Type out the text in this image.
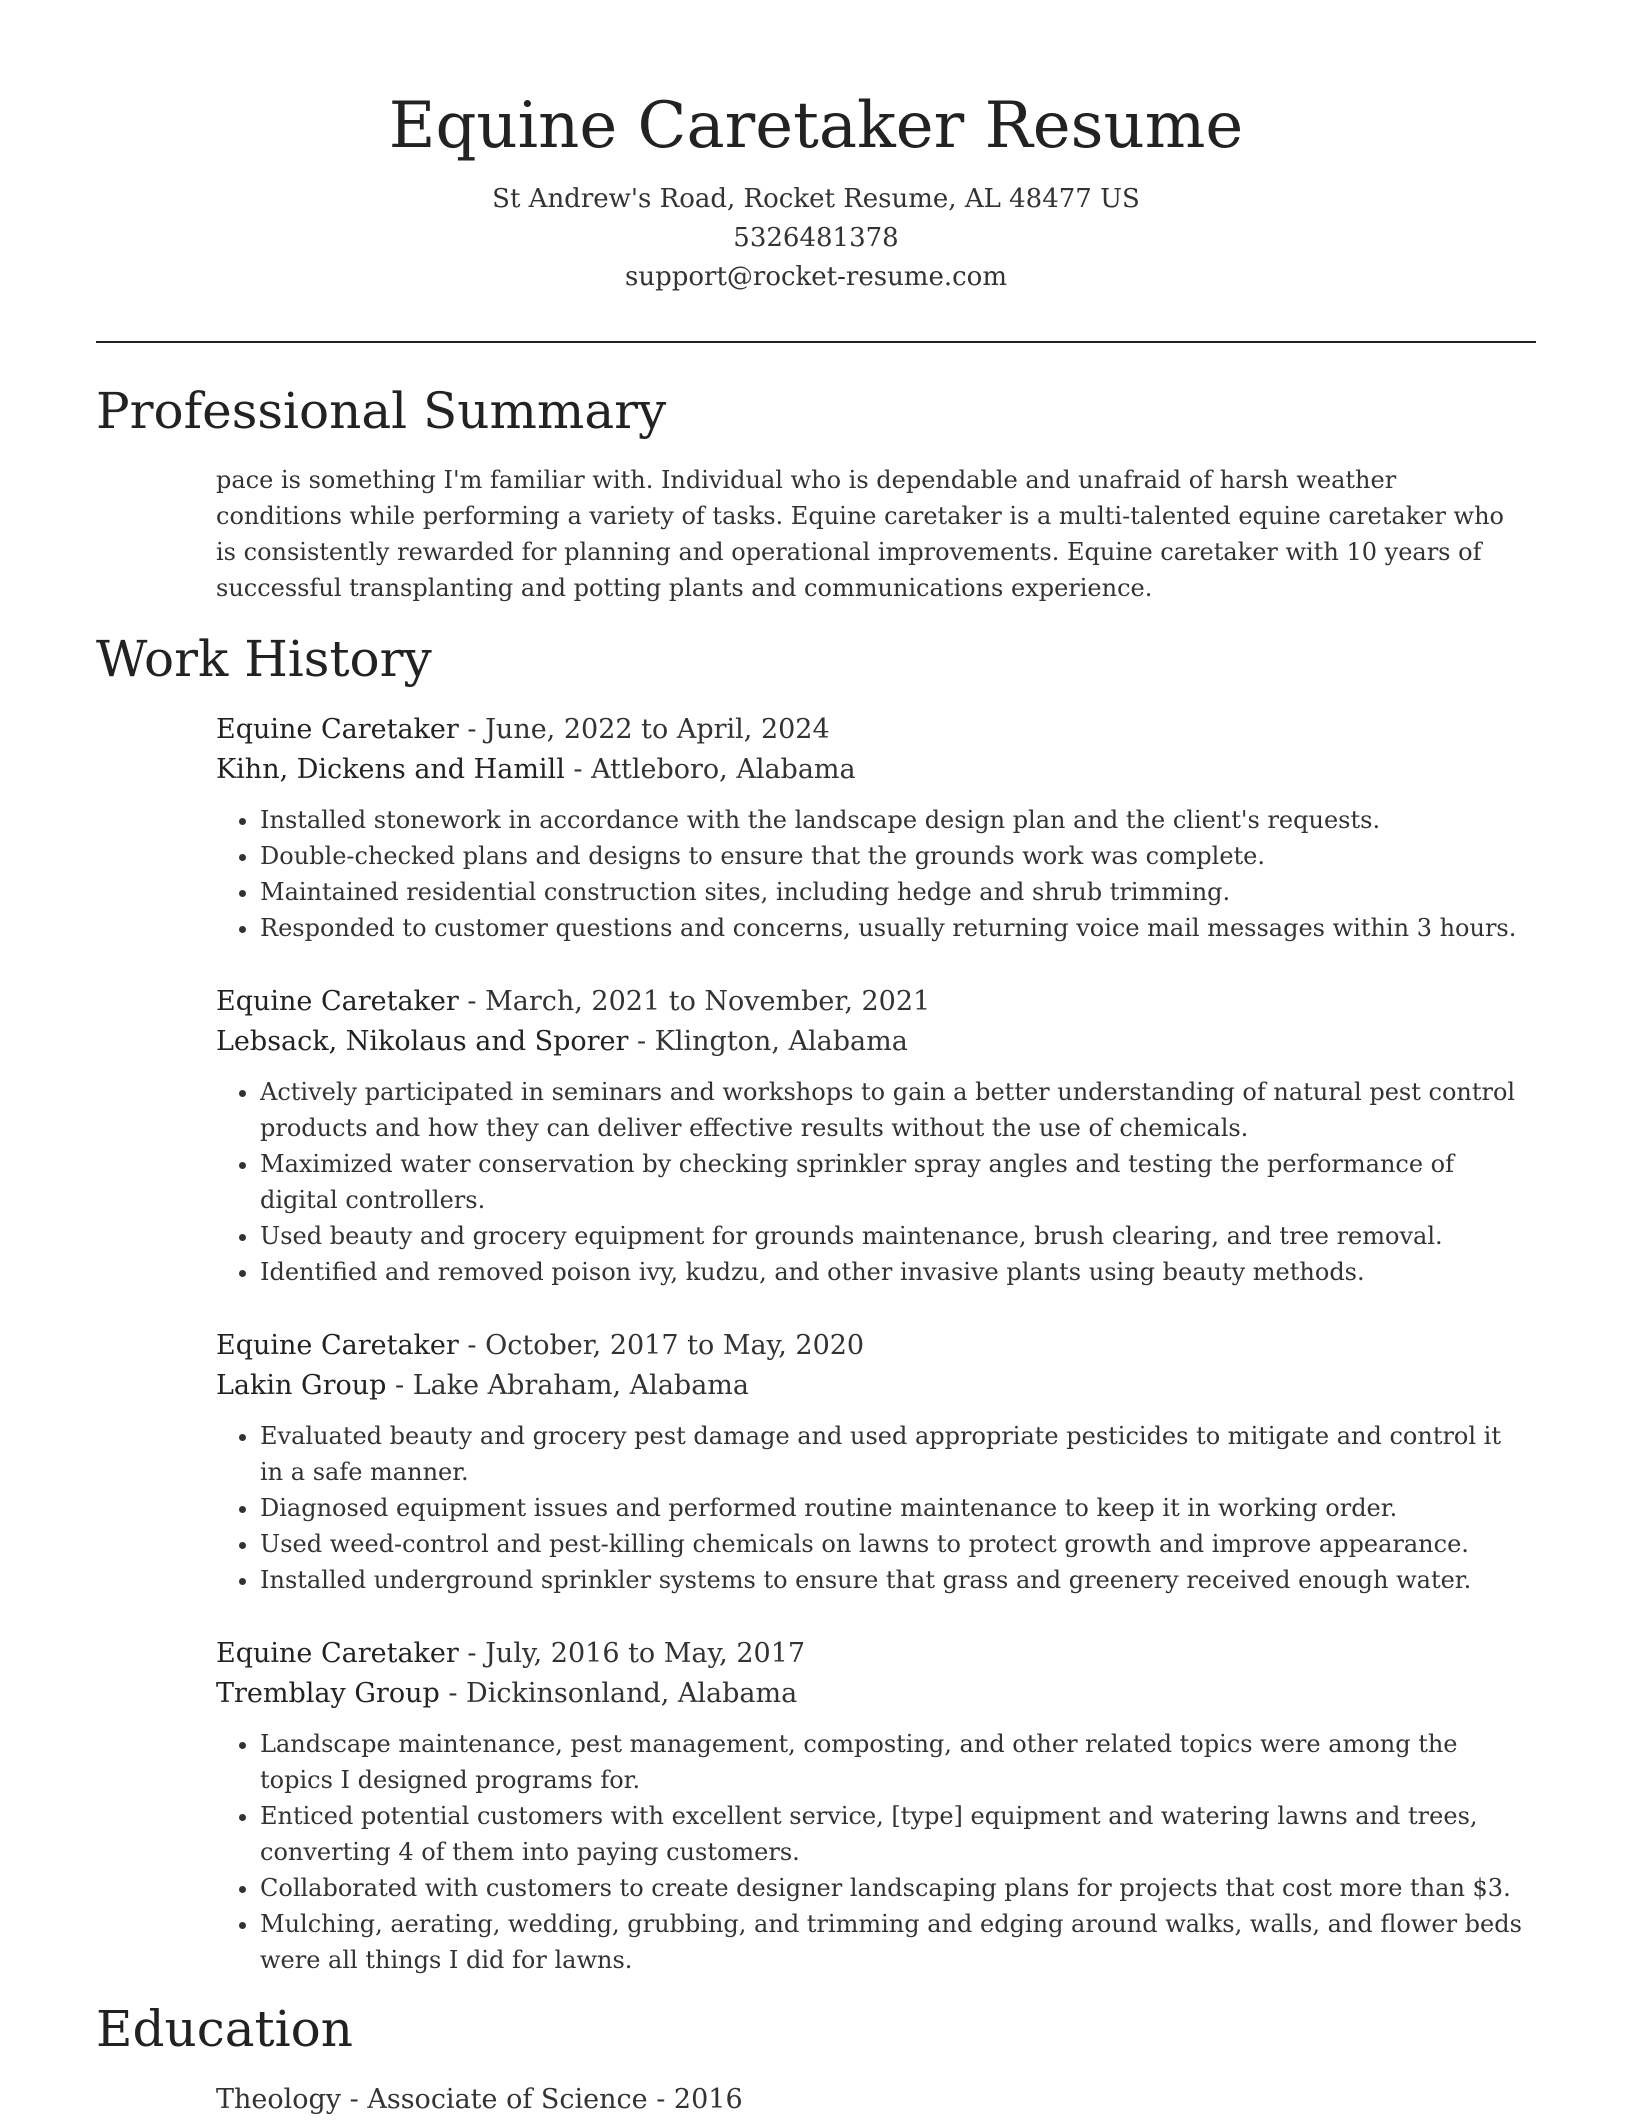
Equine Caretaker Resume
St Andrew's Road, Rocket Resume, AL 48477 US
5326481378
support@rocket-resume.com
Professional Summary

pace is something I'm familiar with. Individual who is dependable and unafraid of harsh weather conditions while performing a variety of tasks. Equine caretaker is a multi-talented equine caretaker who is consistently rewarded for planning and operational improvements. Equine caretaker with 10 years of successful transplanting and potting plants and communications experience.

Work History
Equine Caretaker - June, 2022 to April, 2024
Kihn, Dickens and Hamill - Attleboro, Alabama
• Installed stonework in accordance with the landscape design plan and the client's requests.
• Double-checked plans and designs to ensure that the grounds work was complete.
• Maintained residential construction sites, including hedge and shrub trimming.
• Responded to customer questions and concerns, usually returning voice mail messages within 3 hours.
Equine Caretaker - March, 2021 to November, 2021
Lebsack, Nikolaus and Sporer - Klington, Alabama
• Actively participated in seminars and workshops to gain a better understanding of natural pest control products and how they can deliver effective results without the use of chemicals.
• Maximized water conservation by checking sprinkler spray angles and testing the performance of digital controllers.
• Used beauty and grocery equipment for grounds maintenance, brush clearing, and tree removal.
• Identified and removed poison ivy, kudzu, and other invasive plants using beauty methods.
Equine Caretaker - October, 2017 to May, 2020
Lakin Group - Lake Abraham, Alabama
• Evaluated beauty and grocery pest damage and used appropriate pesticides to mitigate and control it in a safe manner.
• Diagnosed equipment issues and performed routine maintenance to keep it in working order.
• Used weed-control and pest-killing chemicals on lawns to protect growth and improve appearance.
• Installed underground sprinkler systems to ensure that grass and greenery received enough water.
Equine Caretaker - July, 2016 to May, 2017
Tremblay Group - Dickinsonland, Alabama
• Landscape maintenance, pest management, composting, and other related topics were among the topics I designed programs for.
• Enticed potential customers with excellent service, [type] equipment and watering lawns and trees, converting 4 of them into paying customers.
• Collaborated with customers to create designer landscaping plans for projects that cost more than $3.
• Mulching, aerating, wedding, grubbing, and trimming and edging around walks, walls, and flower beds were all things I did for lawns.
Education
Theology - Associate of Science - 2016
